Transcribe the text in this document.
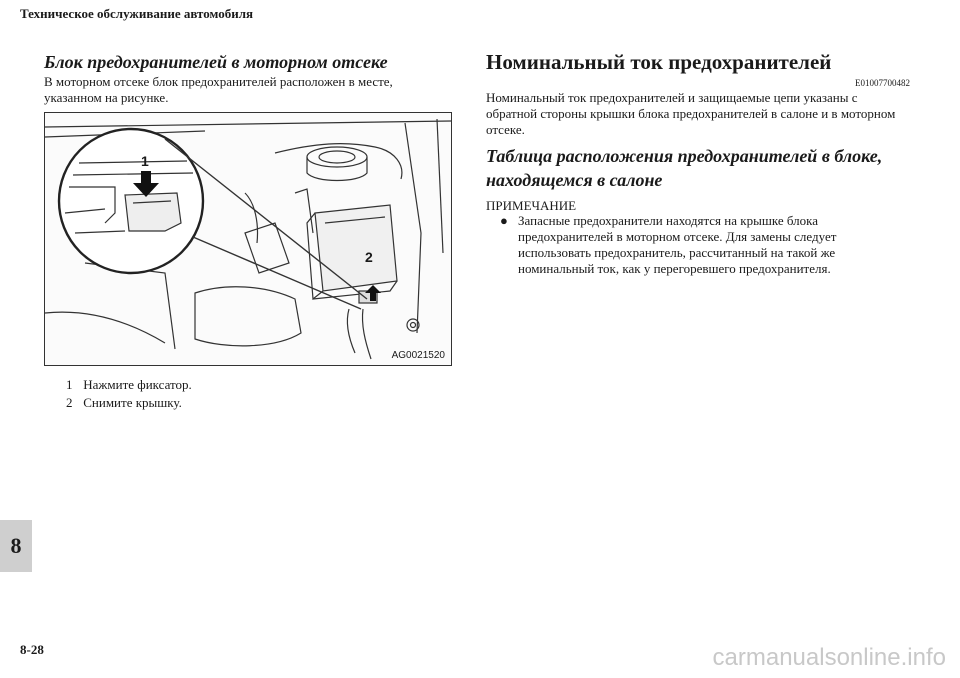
Техническое обслуживание автомобиля
8
8-28
Блок предохранителей в моторном отсеке
В моторном отсеке блок предохранителей расположен в месте, указанном на рисунке.
1
2
AG0021520
1 Нажмите фиксатор.
2 Снимите крышку.
Номинальный ток предохранителей
E01007700482
Номинальный ток предохранителей и защищаемые цепи указаны с обратной стороны крышки блока предохранителей в салоне и в моторном отсеке.
Таблица расположения предохранителей в блоке, находящемся в салоне
ПРИМЕЧАНИЕ
● Запасные предохранители находятся на крышке блока предохранителей в моторном отсеке. Для замены следует использовать предохранитель, рассчитанный на такой же номинальный ток, как у перегоревшего предохранителя.
carmanualsonline.info
